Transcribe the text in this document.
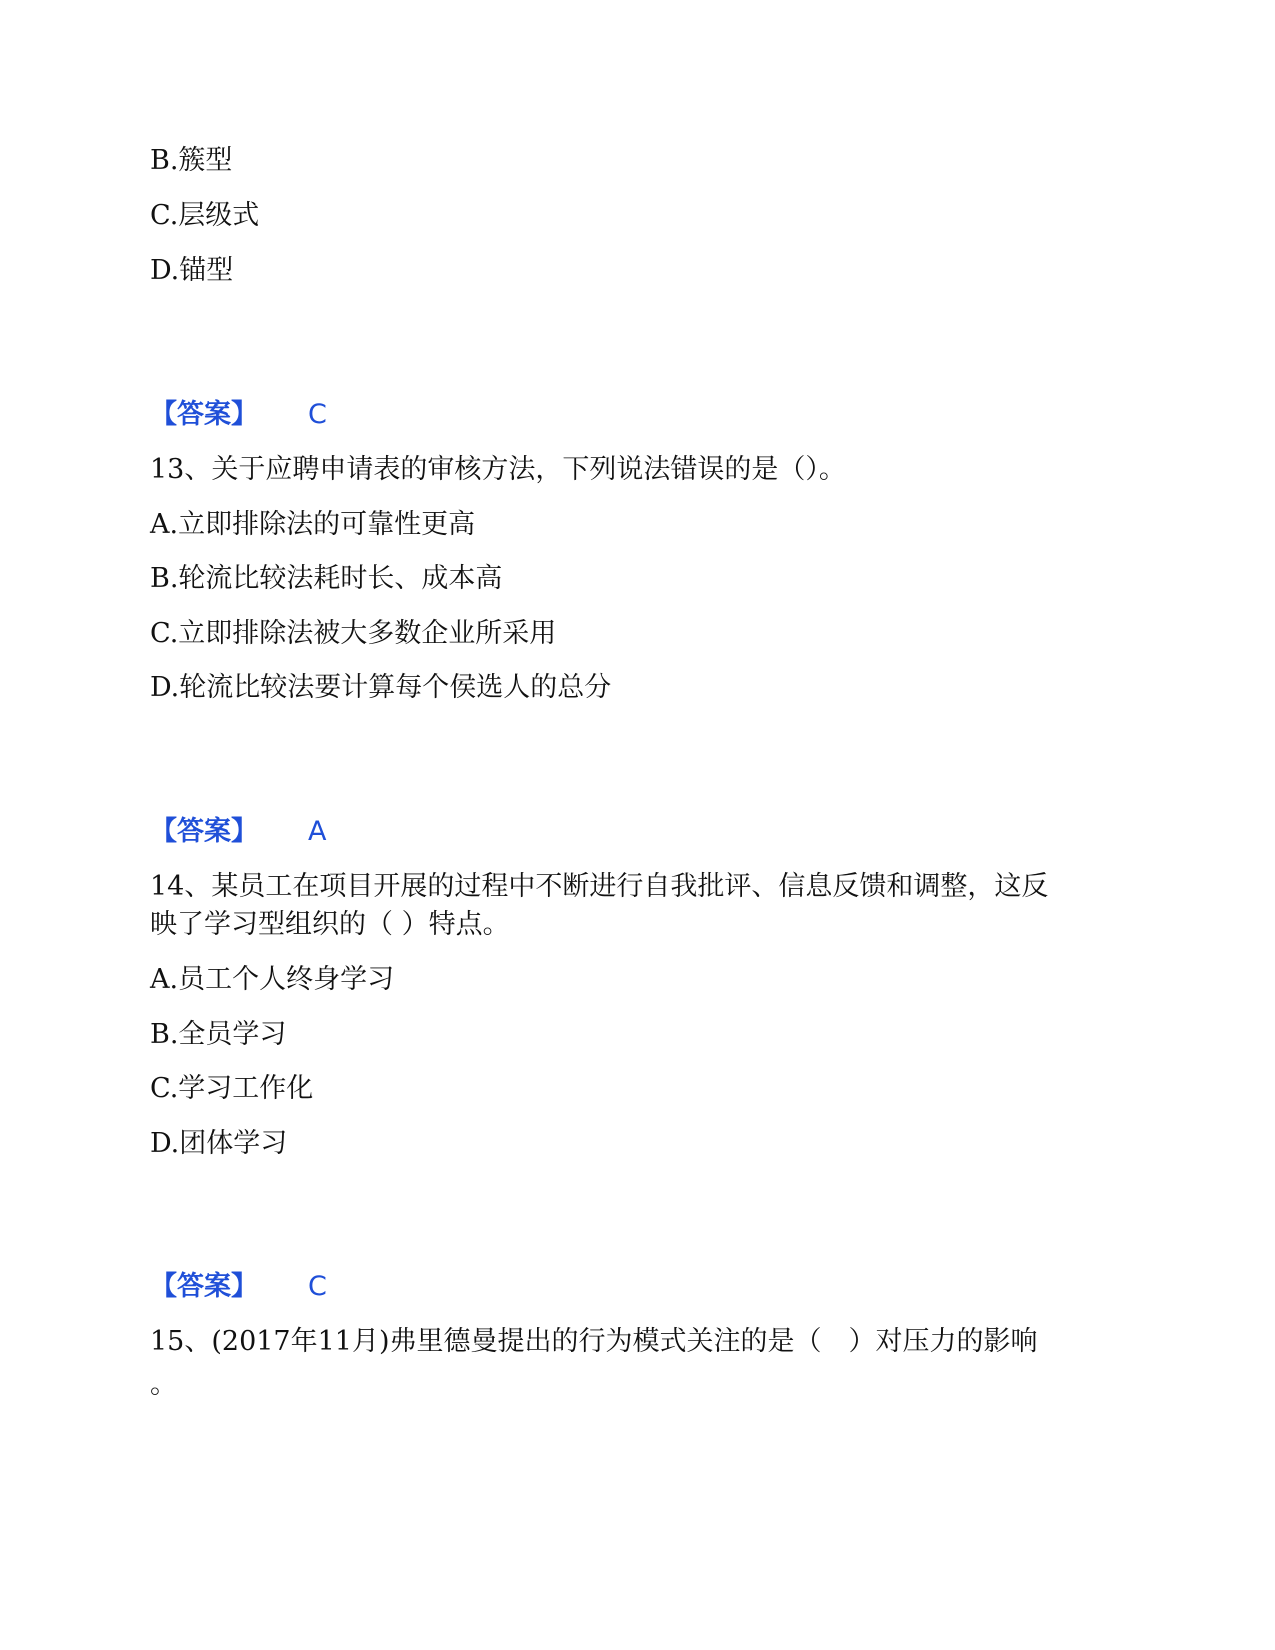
B.簇型
C.层级式
D.锚型
【答案】 C
13、关于应聘申请表的审核方法，下列说法错误的是（）。
A.立即排除法的可靠性更高
B.轮流比较法耗时长、成本高
C.立即排除法被大多数企业所采用
D.轮流比较法要计算每个侯选人的总分
【答案】 A
14、某员工在项目开展的过程中不断进行自我批评、信息反馈和调整，这反
映了学习型组织的（ ）特点。
A.员工个人终身学习
B.全员学习
C.学习工作化
D.团体学习
【答案】 C
15、(2017年11月)弗里德曼提出的行为模式关注的是（　）对压力的影响
。
